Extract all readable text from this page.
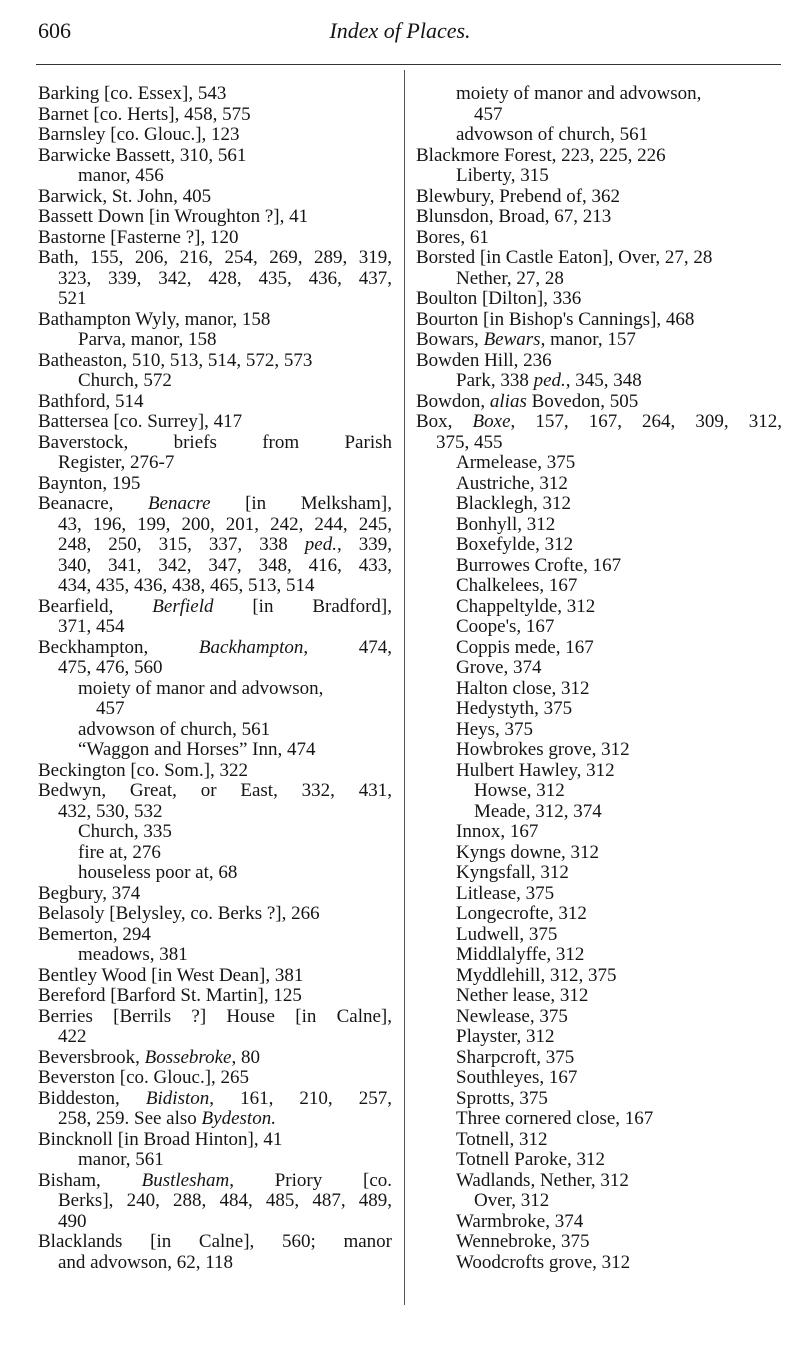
606	Index of Places.
Barking [co. Essex], 543
Barnet [co. Herts], 458, 575
Barnsley [co. Glouc.], 123
Barwicke Bassett, 310, 561
manor, 456
Barwick, St. John, 405
Bassett Down [in Wroughton ?], 41
Bastorne [Fasterne ?], 120
Bath, 155, 206, 216, 254, 269, 289, 319,
323, 339, 342, 428, 435, 436, 437,
521
Bathampton Wyly, manor, 158
Parva, manor, 158
Batheaston, 510, 513, 514, 572, 573
Church, 572
Bathford, 514
Battersea [co. Surrey], 417
Baverstock, briefs from Parish
Register, 276-7
Baynton, 195
Beanacre, Benacre [in Melksham],
43, 196, 199, 200, 201, 242, 244, 245,
248, 250, 315, 337, 338 ped., 339,
340, 341, 342, 347, 348, 416, 433,
434, 435, 436, 438, 465, 513, 514
Bearfield, Berfield [in Bradford],
371, 454
Beckhampton, Backhampton, 474,
475, 476, 560
moiety of manor and advowson,
457
advowson of church, 561
“Waggon and Horses” Inn, 474
Beckington [co. Som.], 322
Bedwyn, Great, or East, 332, 431,
432, 530, 532
Church, 335
fire at, 276
houseless poor at, 68
Begbury, 374
Belasoly [Belysley, co. Berks ?], 266
Bemerton, 294
meadows, 381
Bentley Wood [in West Dean], 381
Bereford [Barford St. Martin], 125
Berries [Berrils ?] House [in Calne],
422
Beversbrook, Bossebroke, 80
Beverston [co. Glouc.], 265
Biddeston, Bidiston, 161, 210, 257,
258, 259. See also Bydeston.
Bincknoll [in Broad Hinton], 41
manor, 561
Bisham, Bustlesham, Priory [co.
Berks], 240, 288, 484, 485, 487, 489,
490
Blacklands [in Calne], 560; manor
and advowson, 62, 118
moiety of manor and advowson,
457
advowson of church, 561
Blackmore Forest, 223, 225, 226
Liberty, 315
Blewbury, Prebend of, 362
Blunsdon, Broad, 67, 213
Bores, 61
Borsted [in Castle Eaton], Over, 27, 28
Nether, 27, 28
Boulton [Dilton], 336
Bourton [in Bishop's Cannings], 468
Bowars, Bewars, manor, 157
Bowden Hill, 236
Park, 338 ped., 345, 348
Bowdon, alias Bovedon, 505
Box, Boxe, 157, 167, 264, 309, 312,
375, 455
Armelease, 375
Austriche, 312
Blacklegh, 312
Bonhyll, 312
Boxefylde, 312
Burrowes Crofte, 167
Chalkelees, 167
Chappeltylde, 312
Coope's, 167
Coppis mede, 167
Grove, 374
Halton close, 312
Hedystyth, 375
Heys, 375
Howbrokes grove, 312
Hulbert Hawley, 312
Howse, 312
Meade, 312, 374
Innox, 167
Kyngs downe, 312
Kyngsfall, 312
Litlease, 375
Longecrofte, 312
Ludwell, 375
Middlalyffe, 312
Myddlehill, 312, 375
Nether lease, 312
Newlease, 375
Playster, 312
Sharpcroft, 375
Southleyes, 167
Sprotts, 375
Three cornered close, 167
Totnell, 312
Totnell Paroke, 312
Wadlands, Nether, 312
Over, 312
Warmbroke, 374
Wennebroke, 375
Woodcrofts grove, 312
